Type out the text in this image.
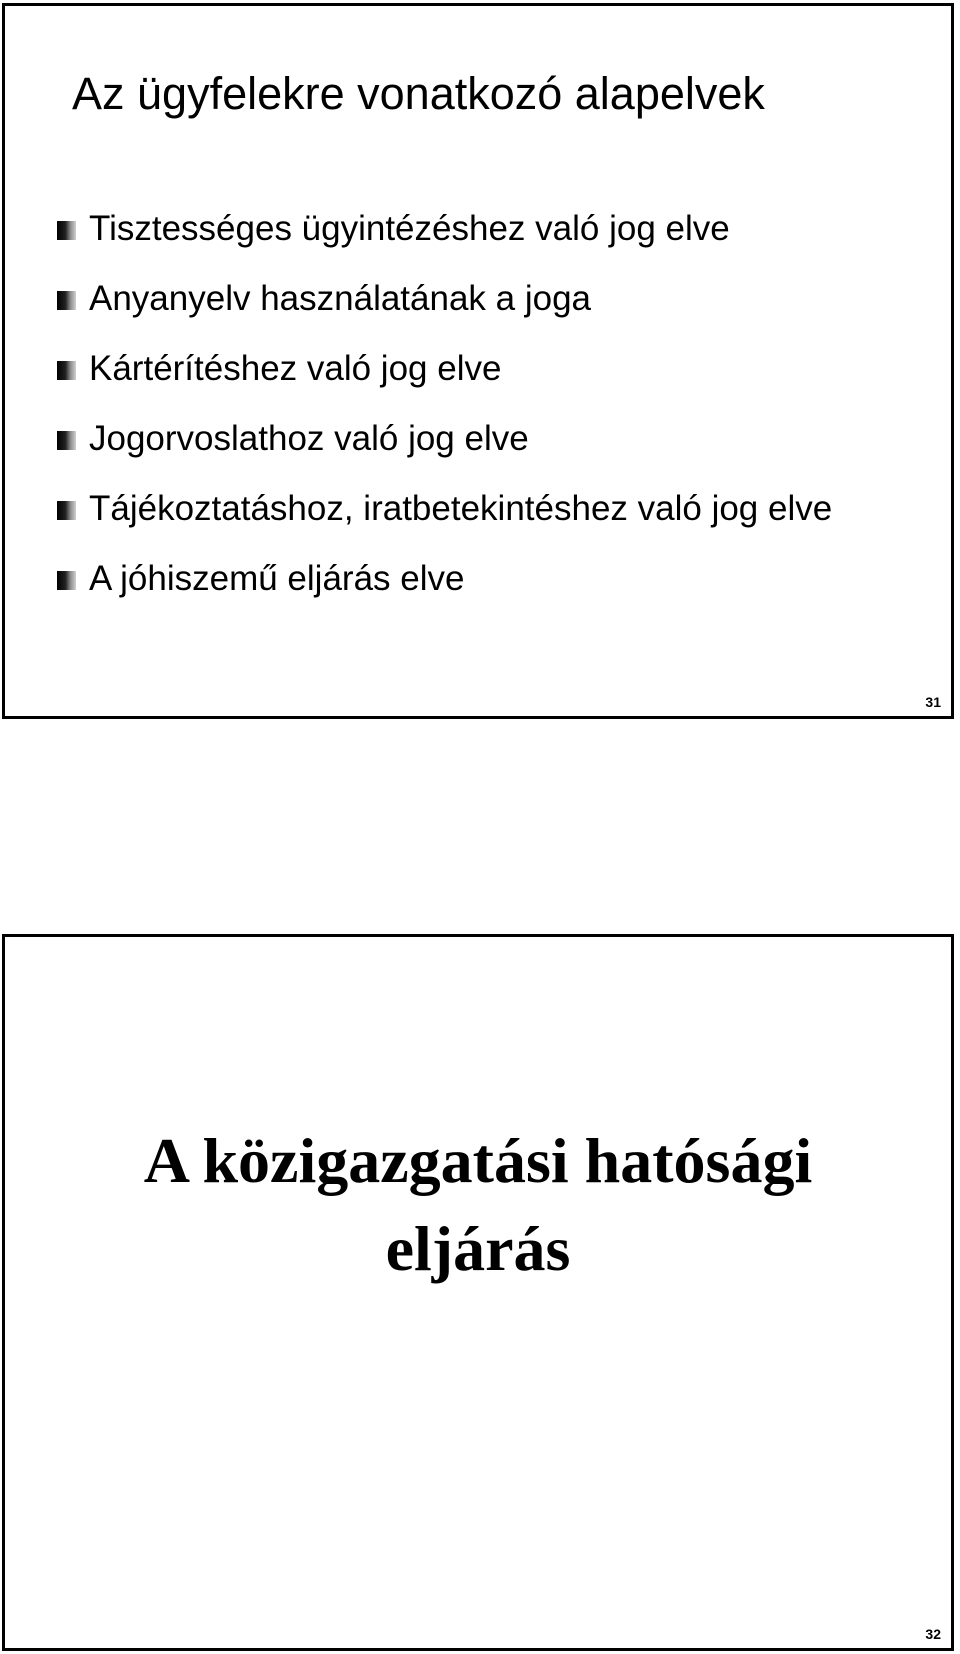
Az ügyfelekre vonatkozó alapelvek
Tisztességes ügyintézéshez való jog elve
Anyanyelv használatának a joga
Kártérítéshez való jog elve
Jogorvoslathoz való jog elve
Tájékoztatáshoz, iratbetekintéshez való jog elve
A jóhiszemű eljárás elve
31
A közigazgatási hatósági
eljárás
32
